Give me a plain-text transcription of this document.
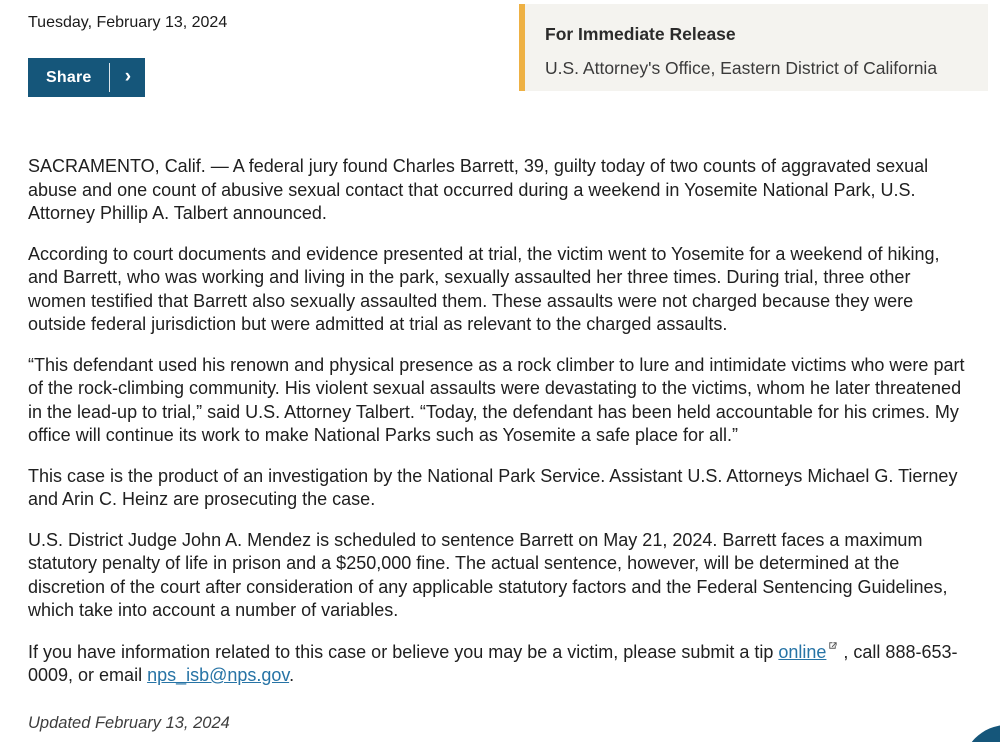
Tuesday, February 13, 2024
Share	›
For Immediate Release
U.S. Attorney's Office, Eastern District of California

SACRAMENTO, Calif. — A federal jury found Charles Barrett, 39, guilty today of two counts of aggravated sexual abuse and one count of abusive sexual contact that occurred during a weekend in Yosemite National Park, U.S. Attorney Phillip A. Talbert announced.

According to court documents and evidence presented at trial, the victim went to Yosemite for a weekend of hiking, and Barrett, who was working and living in the park, sexually assaulted her three times. During trial, three other women testified that Barrett also sexually assaulted them. These assaults were not charged because they were outside federal jurisdiction but were admitted at trial as relevant to the charged assaults.

“This defendant used his renown and physical presence as a rock climber to lure and intimidate victims who were part of the rock-climbing community. His violent sexual assaults were devastating to the victims, whom he later threatened in the lead-up to trial,” said U.S. Attorney Talbert. “Today, the defendant has been held accountable for his crimes. My office will continue its work to make National Parks such as Yosemite a safe place for all.”

This case is the product of an investigation by the National Park Service. Assistant U.S. Attorneys Michael G. Tierney and Arin C. Heinz are prosecuting the case.

U.S. District Judge John A. Mendez is scheduled to sentence Barrett on May 21, 2024. Barrett faces a maximum statutory penalty of life in prison and a $250,000 fine. The actual sentence, however, will be determined at the discretion of the court after consideration of any applicable statutory factors and the Federal Sentencing Guidelines, which take into account a number of variables.

If you have information related to this case or believe you may be a victim, please submit a tip online , call 888-653-0009, or email nps_isb@nps.gov.

Updated February 13, 2024
